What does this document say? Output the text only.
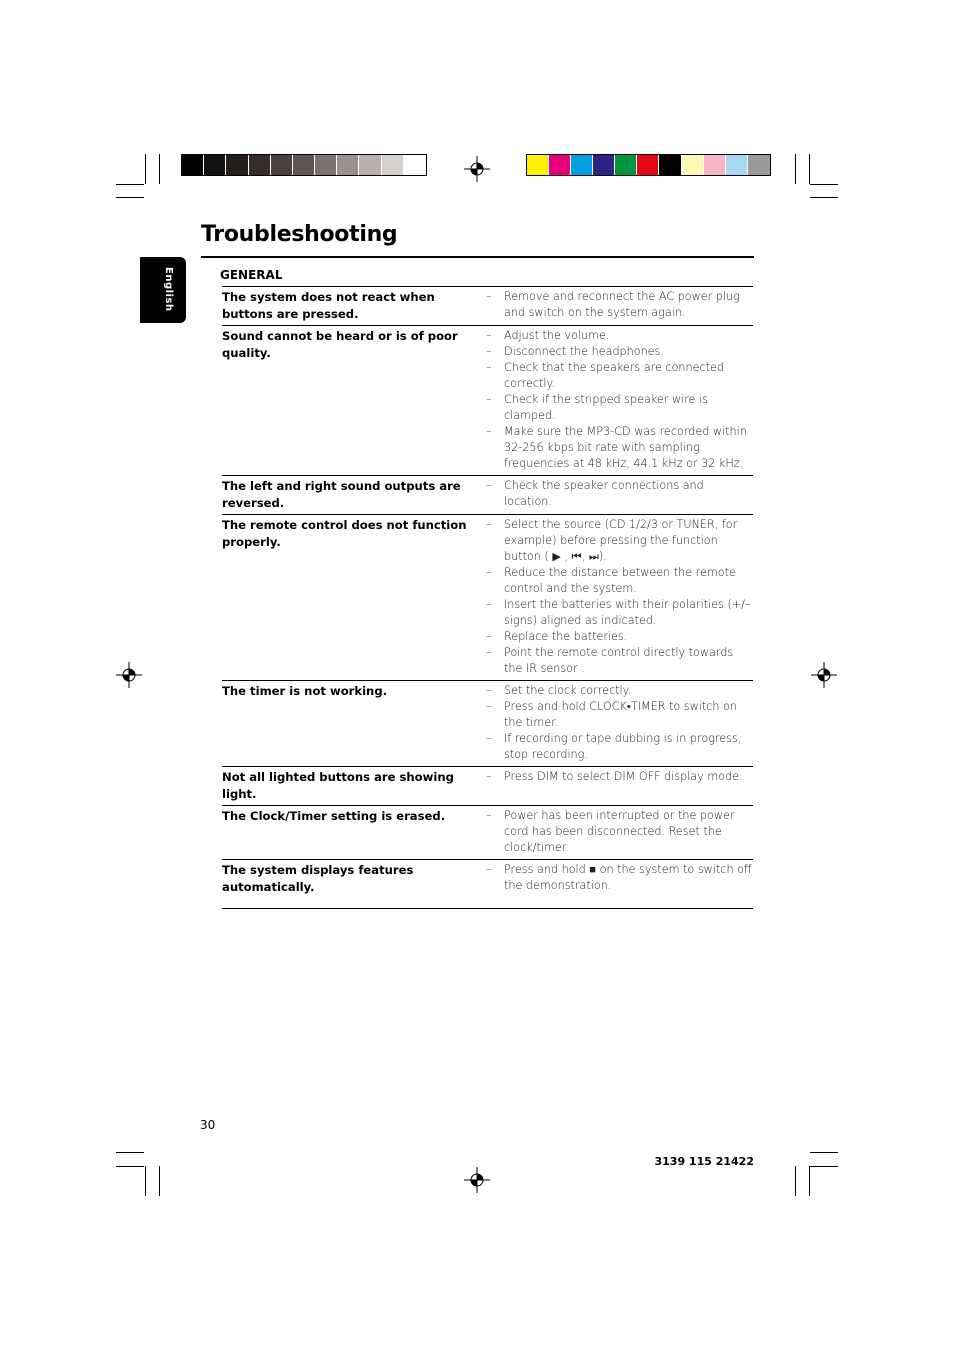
Troubleshooting
English	GENERAL
The system does not react when buttons are pressed.
–	Remove and reconnect the AC power plug and switch on the system again.
Sound cannot be heard or is of poor quality.
–	Adjust the volume.
–	Disconnect the headphones.
–	Check that the speakers are connected correctly.
–	Check if the stripped speaker wire is clamped.
–	Make sure the MP3-CD was recorded within 32-256 kbps bit rate with sampling frequencies at 48 kHz, 44.1 kHz or 32 kHz.
The left and right sound outputs are reversed.
–	Check the speaker connections and location.
The remote control does not function properly.
–	Select the source (CD 1/2/3 or TUNER, for example) before pressing the function button ( ▶ , ⏮, ⏭).
–	Reduce the distance between the remote control and the system.
–	Insert the batteries with their polarities (+/– signs) aligned as indicated.
–	Replace the batteries.
–	Point the remote control directly towards the IR sensor .
The timer is not working.	–	Set the clock correctly.
–	Press and hold CLOCK•TIMER to switch on the timer.
–	If recording or tape dubbing is in progress, stop recording.
Not all lighted buttons are showing light.
–	Press DIM to select DIM OFF display mode.
The Clock/Timer setting is erased.	–	Power has been interrupted or the power cord has been disconnected. Reset the clock/timer.
The system displays features automatically.
–	Press and hold ■ on the system to switch off the demonstration.
30
3139 115 21422
